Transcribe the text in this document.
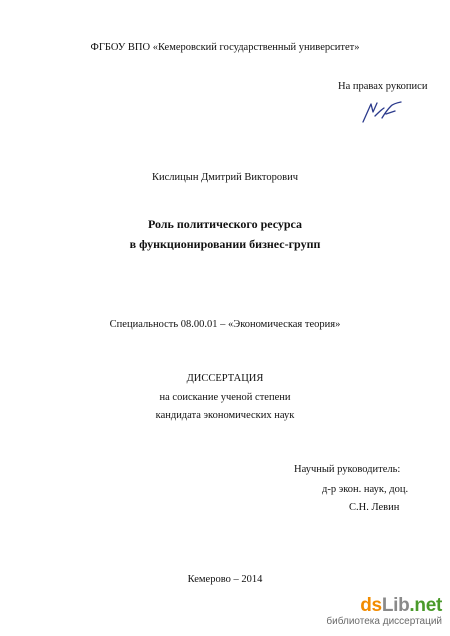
ФГБОУ ВПО «Кемеровский государственный университет»
На правах рукописи
Кислицын Дмитрий Викторович
Роль политического ресурса
в функционировании бизнес-групп
Специальность 08.00.01 – «Экономическая теория»
ДИССЕРТАЦИЯ
на соискание ученой степени
кандидата экономических наук
Научный руководитель:
д-р экон. наук, доц.
С.Н. Левин
Кемерово – 2014
dsLib.net
библиотека диссертаций
